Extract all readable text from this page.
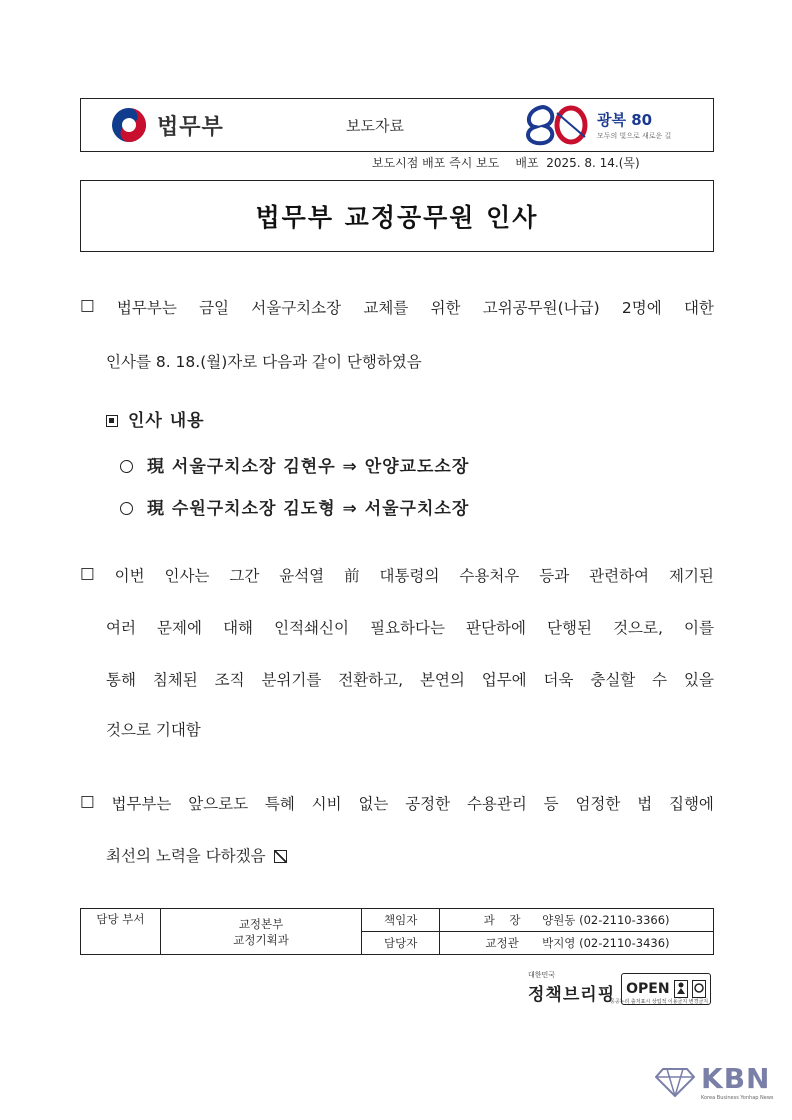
법무부	보도자료	광복 80
모두의 빛으로 새로운 길
보도시점 배포 즉시 보도 배포  2025. 8. 14.(목)
법무부 교정공무원 인사
□ 법무부는 금일 서울구치소장 교체를 위한 고위공무원(나급) 2명에 대한
인사를 8. 18.(월)자로 다음과 같이 단행하였음
인사 내용
現 서울구치소장 김현우 ⇒ 안양교도소장
現 수원구치소장 김도형 ⇒ 서울구치소장
□ 이번 인사는 그간 윤석열 前 대통령의 수용처우 등과 관련하여 제기된
여러 문제에 대해 인적쇄신이 필요하다는 판단하에 단행된 것으로, 이를
통해 침체된 조직 분위기를 전환하고, 본연의 업무에 더욱 충실할 수 있을
것으로 기대함
□ 법무부는 앞으로도 특혜 시비 없는 공정한 수용관리 등 엄정한 법 집행에
최선의 노력을 다하겠음
담당 부서	교정본부
교정기획과	책임자	과    장 양원동 (02-2110-3366)
		담당자	교정관 박지영 (02-2110-3436)
대한민국
정책브리핑 OPEN
공공누리 출처표시 상업적 이용금지 변경금지
KBN
Korea Business Yonhap News
